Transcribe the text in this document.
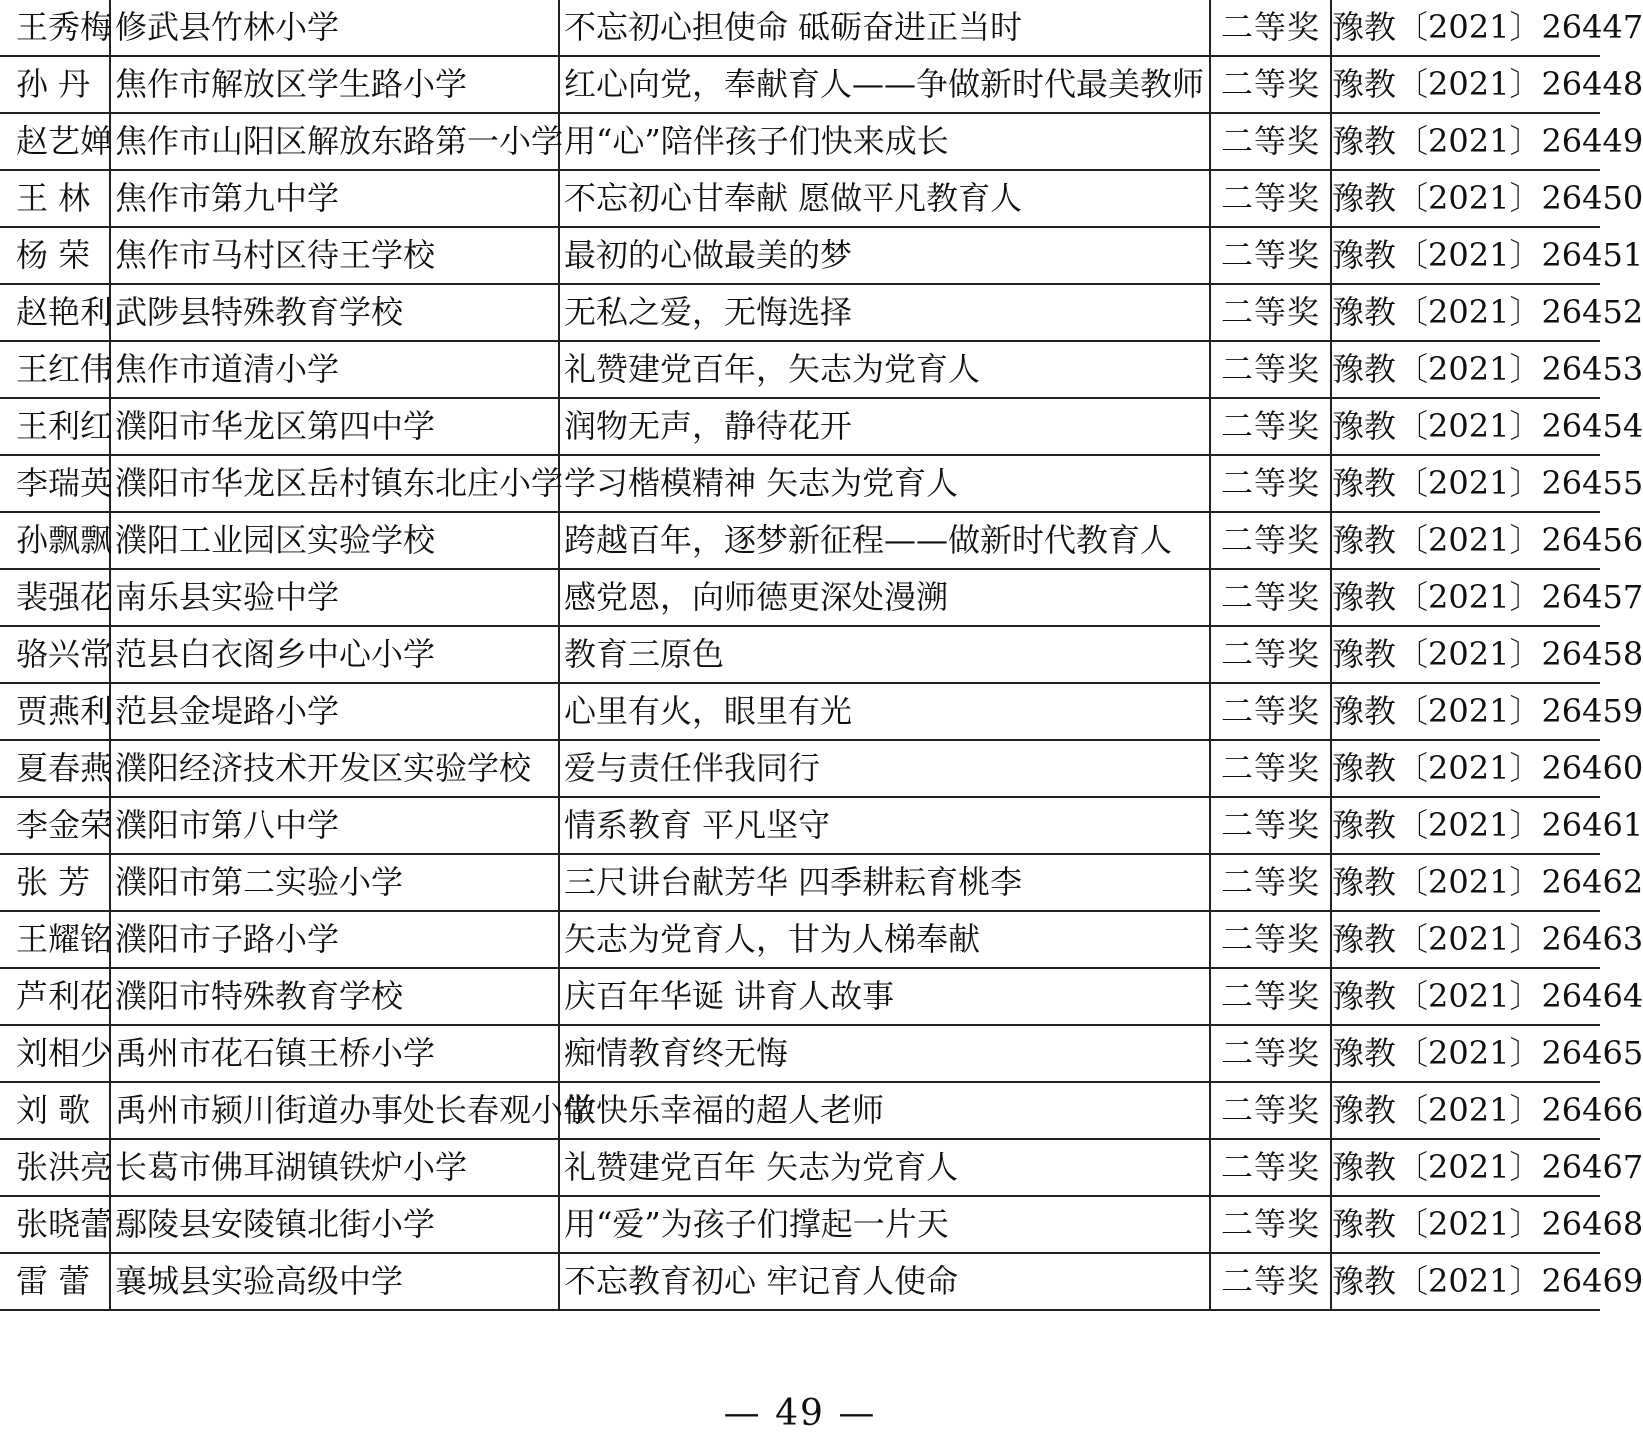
王秀梅	修武县竹林小学	不忘初心担使命 砥砺奋进正当时	二等奖	豫教〔2021〕26447
孙 丹	焦作市解放区学生路小学	红心向党，奉献育人——争做新时代最美教师	二等奖	豫教〔2021〕26448
赵艺婵	焦作市山阳区解放东路第一小学	用“心”陪伴孩子们快来成长	二等奖	豫教〔2021〕26449
王 林	焦作市第九中学	不忘初心甘奉献 愿做平凡教育人	二等奖	豫教〔2021〕26450
杨 荣	焦作市马村区待王学校	最初的心做最美的梦	二等奖	豫教〔2021〕26451
赵艳利	武陟县特殊教育学校	无私之爱，无悔选择	二等奖	豫教〔2021〕26452
王红伟	焦作市道清小学	礼赞建党百年，矢志为党育人	二等奖	豫教〔2021〕26453
王利红	濮阳市华龙区第四中学	润物无声，静待花开	二等奖	豫教〔2021〕26454
李瑞英	濮阳市华龙区岳村镇东北庄小学	学习楷模精神 矢志为党育人	二等奖	豫教〔2021〕26455
孙飘飘	濮阳工业园区实验学校	跨越百年，逐梦新征程——做新时代教育人	二等奖	豫教〔2021〕26456
裴强花	南乐县实验中学	感党恩，向师德更深处漫溯	二等奖	豫教〔2021〕26457
骆兴常	范县白衣阁乡中心小学	教育三原色	二等奖	豫教〔2021〕26458
贾燕利	范县金堤路小学	心里有火，眼里有光	二等奖	豫教〔2021〕26459
夏春燕	濮阳经济技术开发区实验学校	爱与责任伴我同行	二等奖	豫教〔2021〕26460
李金荣	濮阳市第八中学	情系教育 平凡坚守	二等奖	豫教〔2021〕26461
张 芳	濮阳市第二实验小学	三尺讲台献芳华 四季耕耘育桃李	二等奖	豫教〔2021〕26462
王耀铭	濮阳市子路小学	矢志为党育人，甘为人梯奉献	二等奖	豫教〔2021〕26463
芦利花	濮阳市特殊教育学校	庆百年华诞 讲育人故事	二等奖	豫教〔2021〕26464
刘相少	禹州市花石镇王桥小学	痴情教育终无悔	二等奖	豫教〔2021〕26465
刘 歌	禹州市颍川街道办事处长春观小学	做快乐幸福的超人老师	二等奖	豫教〔2021〕26466
张洪亮	长葛市佛耳湖镇铁炉小学	礼赞建党百年 矢志为党育人	二等奖	豫教〔2021〕26467
张晓蕾	鄢陵县安陵镇北街小学	用“爱”为孩子们撑起一片天	二等奖	豫教〔2021〕26468
雷 蕾	襄城县实验高级中学	不忘教育初心 牢记育人使命	二等奖	豫教〔2021〕26469
— 49 —
